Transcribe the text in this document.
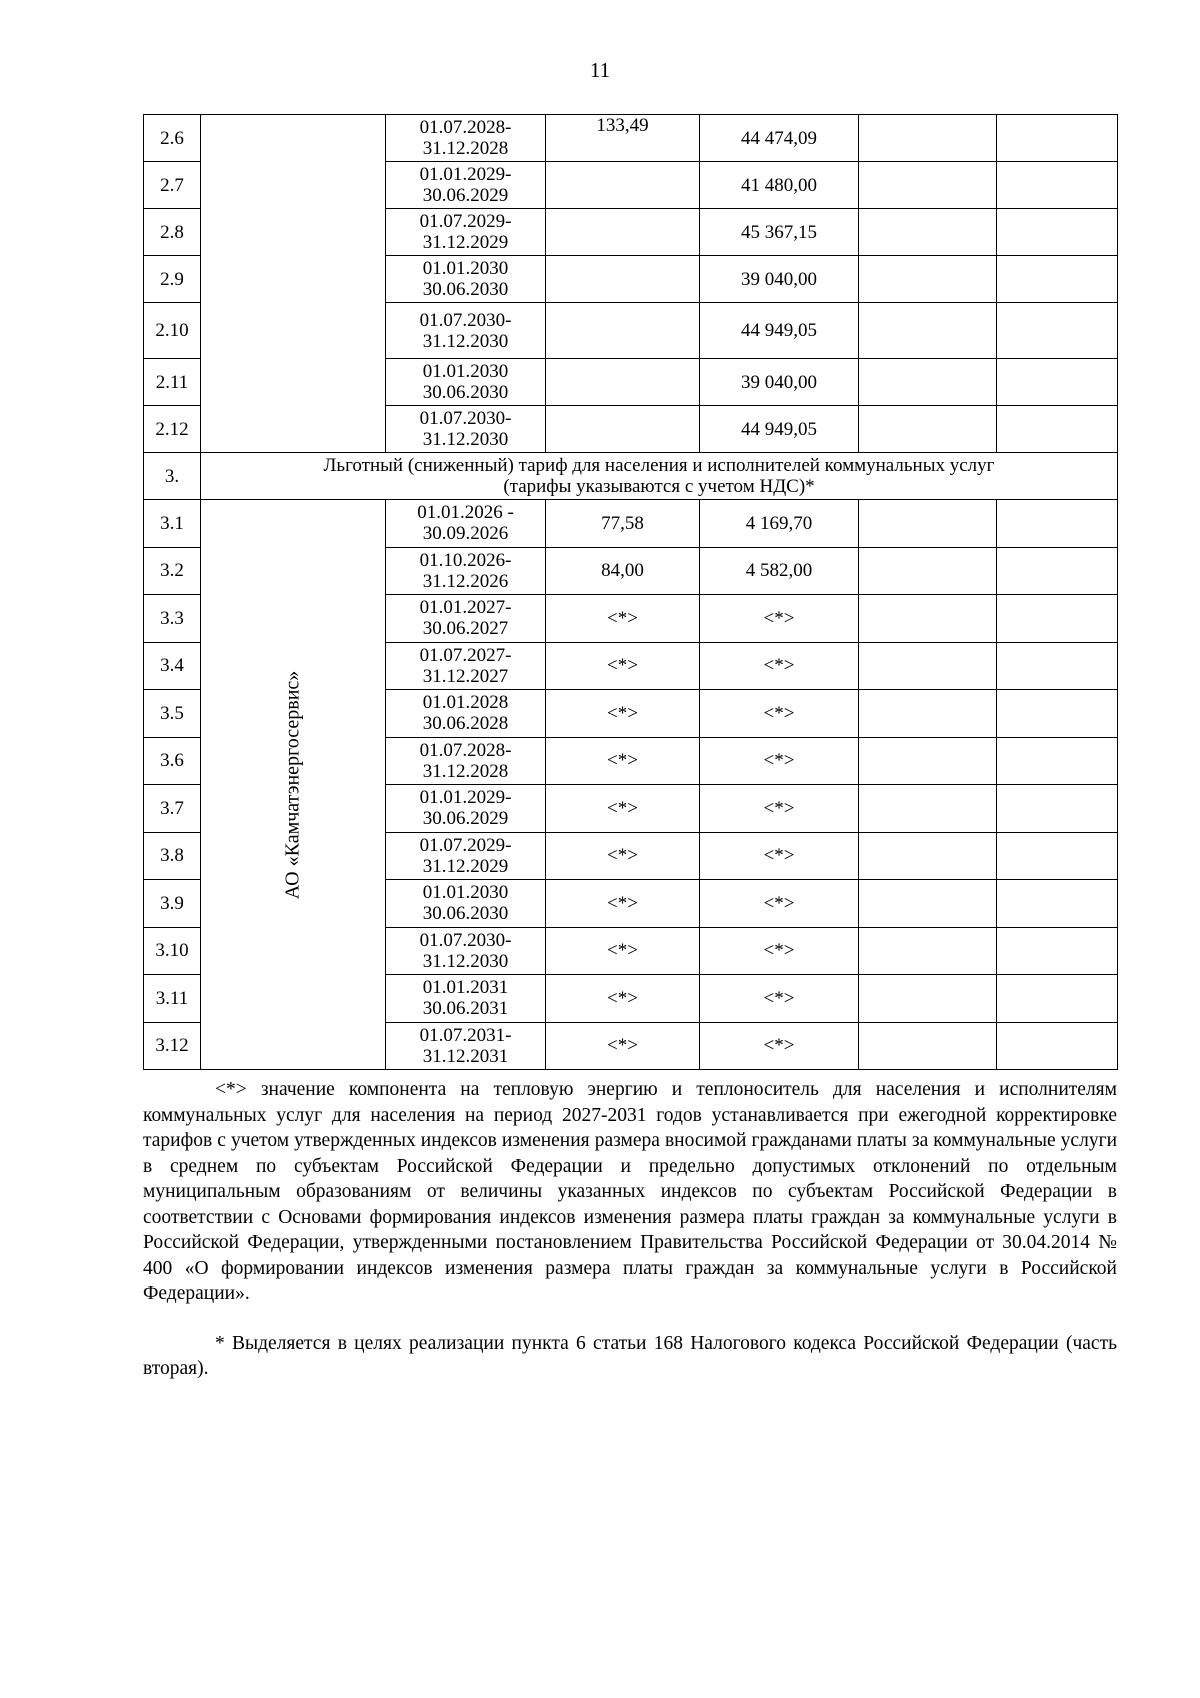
11
2.6		01.07.2028-
31.12.2028	133,49	44 474,09		
2.7		01.01.2029-
30.06.2029		41 480,00		
2.8		01.07.2029-
31.12.2029		45 367,15		
2.9		01.01.2030
30.06.2030		39 040,00		
2.10		01.07.2030-
31.12.2030		44 949,05		
2.11		01.01.2030
30.06.2030		39 040,00		
2.12		01.07.2030-
31.12.2030		44 949,05		
3.	Льготный (сниженный) тариф для населения и исполнителей коммунальных услуг
(тарифы указываются с учетом НДС)*					

3.1	АО «Камчатэнергосервис»	01.01.2026 -
30.09.2026	77,58	4 169,70		
3.2		01.10.2026-
31.12.2026	84,00	4 582,00		
3.3		01.01.2027-
30.06.2027	<*>	<*>		
3.4		01.07.2027-
31.12.2027	<*>	<*>		
3.5		01.01.2028
30.06.2028	<*>	<*>		
3.6		01.07.2028-
31.12.2028	<*>	<*>		
3.7		01.01.2029-
30.06.2029	<*>	<*>		
3.8		01.07.2029-
31.12.2029	<*>	<*>		
3.9		01.01.2030
30.06.2030	<*>	<*>		
3.10		01.07.2030-
31.12.2030	<*>	<*>		
3.11		01.01.2031
30.06.2031	<*>	<*>		
3.12		01.07.2031-
31.12.2031	<*>	<*>		

<*> значение компонента на тепловую энергию и теплоноситель для населения и исполнителям коммунальных услуг для населения на период 2027-2031 годов устанавливается при ежегодной корректировке тарифов с учетом утвержденных индексов изменения размера вносимой гражданами платы за коммунальные услуги в среднем по субъектам Российской Федерации и предельно допустимых отклонений по отдельным муниципальным образованиям от величины указанных индексов по субъектам Российской Федерации в соответствии с Основами формирования индексов изменения размера платы граждан за коммунальные услуги в Российской Федерации, утвержденными постановлением Правительства Российской Федерации от 30.04.2014 № 400 «О формировании индексов изменения размера платы граждан за коммунальные услуги в Российской Федерации».

* Выделяется в целях реализации пункта 6 статьи 168 Налогового кодекса Российской Федерации (часть вторая).
